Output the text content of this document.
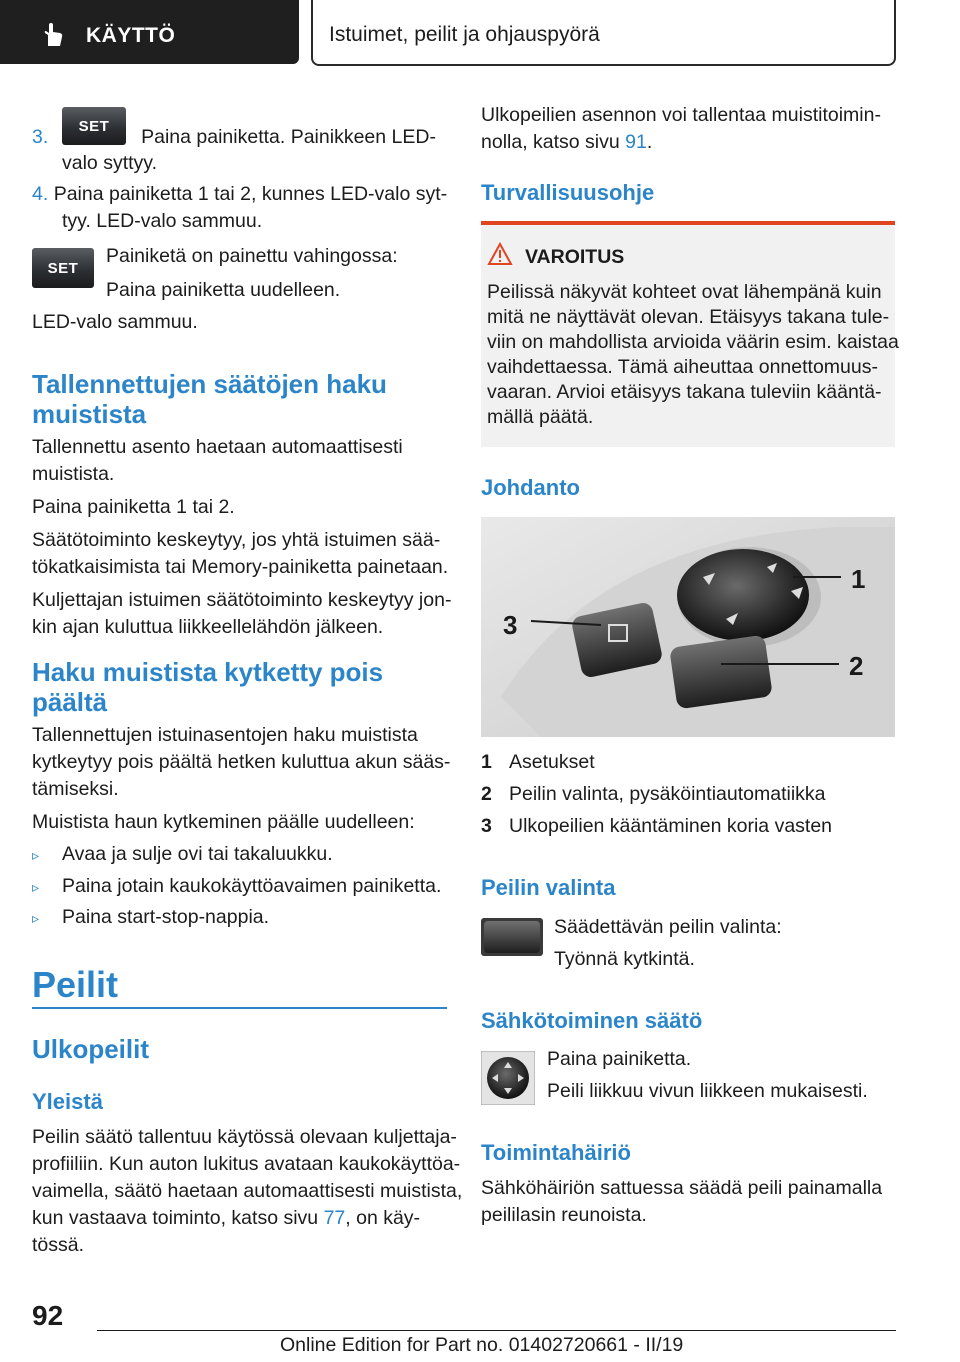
KÄYTTÖ	Istuimet, peilit ja ohjauspyörä
3.	Paina painiketta. Painikkeen LED-
SET
valo syttyy.
4. Paina painiketta 1 tai 2, kunnes LED-valo syt-
tyy. LED-valo sammuu.
SET
Painiketä on painettu vahingossa:
Paina painiketta uudelleen.
LED-valo sammuu.
Tallennettujen säätöjen haku
muistista
Tallennettu asento haetaan automaattisesti
muistista.
Paina painiketta 1 tai 2.
Säätötoiminto keskeytyy, jos yhtä istuimen sää-
tökatkaisimista tai Memory-painiketta painetaan.
Kuljettajan istuimen säätötoiminto keskeytyy jon-
kin ajan kuluttua liikkeellelähdön jälkeen.
Haku muistista kytketty pois
päältä
Tallennettujen istuinasentojen haku muistista
kytkeytyy pois päältä hetken kuluttua akun sääs-
tämiseksi.
Muistista haun kytkeminen päälle uudelleen:
▹ Avaa ja sulje ovi tai takaluukku.
▹ Paina jotain kaukokäyttöavaimen painiketta.
▹ Paina start-stop-nappia.
Peilit
Ulkopeilit
Yleistä
Peilin säätö tallentuu käytössä olevaan kuljettaja-
profiiliin. Kun auton lukitus avataan kaukokäyttöa-
vaimella, säätö haetaan automaattisesti muistista,
kun vastaava toiminto, katso sivu 77, on käy-
tössä.
Ulkopeilien asennon voi tallentaa muistitoimin-
nolla, katso sivu 91.
Turvallisuusohje
VAROITUS
Peilissä näkyvät kohteet ovat lähempänä kuin
mitä ne näyttävät olevan. Etäisyys takana tule-
viin on mahdollista arvioida väärin esim. kaistaa
vaihdettaessa. Tämä aiheuttaa onnettomuus-
vaaran. Arvioi etäisyys takana tuleviin kääntä-
mällä päätä.
Johdanto
1
2
3
1 Asetukset
2 Peilin valinta, pysäköintiautomatiikka
3 Ulkopeilien kääntäminen koria vasten
Peilin valinta
Säädettävän peilin valinta:
Työnnä kytkintä.
Sähkötoiminen säätö
Paina painiketta.
Peili liikkuu vivun liikkeen mukaisesti.
Toimintahäiriö
Sähköhäiriön sattuessa säädä peili painamalla
peililasin reunoista.
92
Online Edition for Part no. 01402720661 - II/19
